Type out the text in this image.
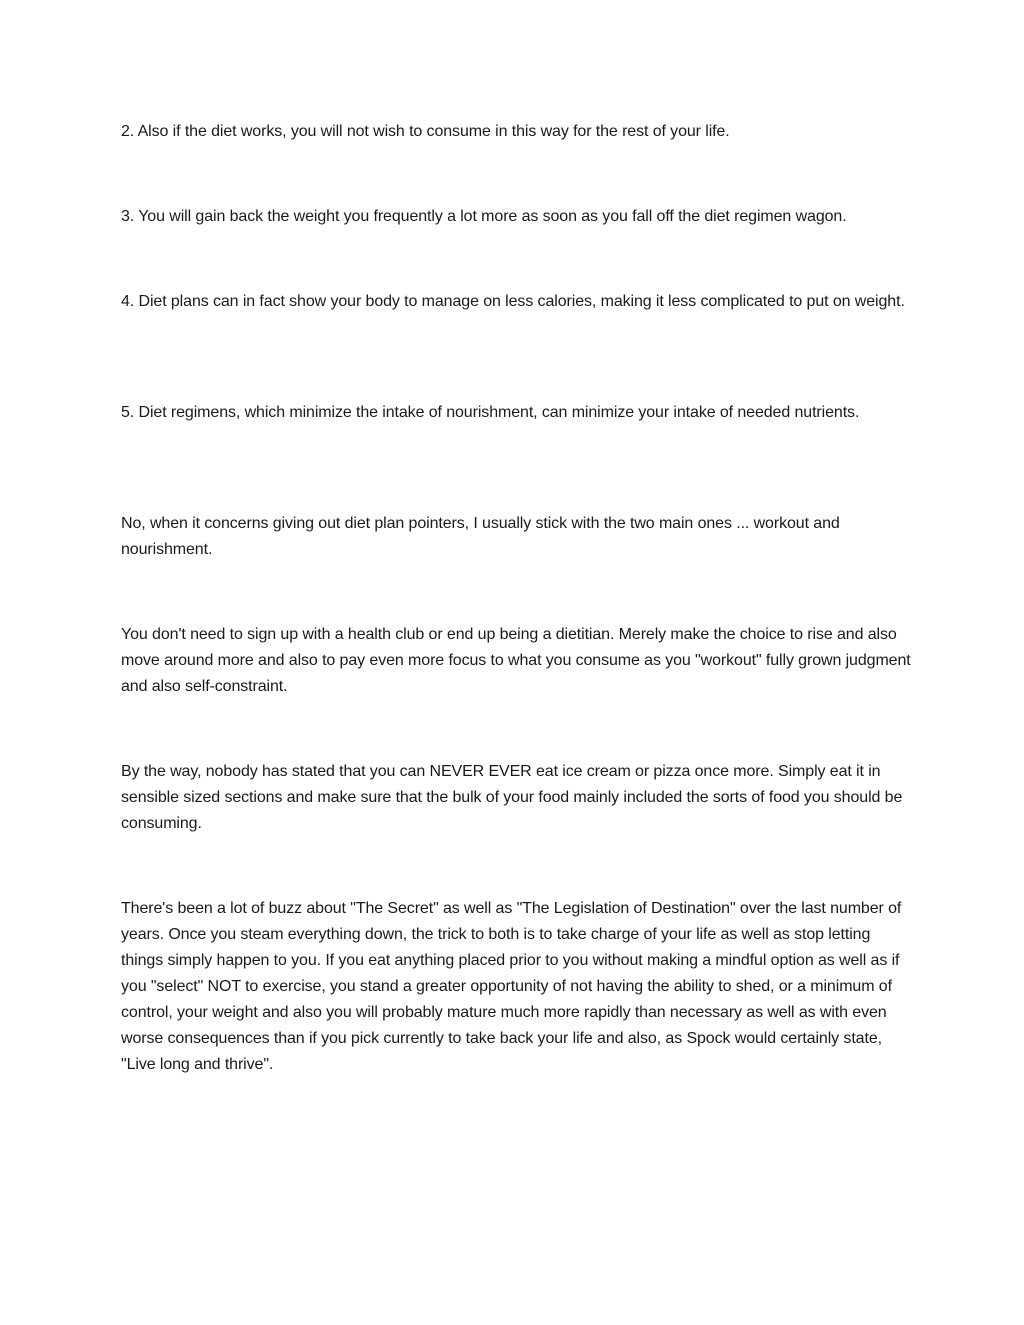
2. Also if the diet works, you will not wish to consume in this way for the rest of your life.

3. You will gain back the weight you frequently a lot more as soon as you fall off the diet regimen wagon.

4. Diet plans can in fact show your body to manage on less calories, making it less complicated to put on weight.

5. Diet regimens, which minimize the intake of nourishment, can minimize your intake of needed nutrients.

No, when it concerns giving out diet plan pointers, I usually stick with the two main ones ... workout and nourishment.

You don't need to sign up with a health club or end up being a dietitian. Merely make the choice to rise and also move around more and also to pay even more focus to what you consume as you "workout" fully grown judgment and also self-constraint.

By the way, nobody has stated that you can NEVER EVER eat ice cream or pizza once more. Simply eat it in sensible sized sections and make sure that the bulk of your food mainly included the sorts of food you should be consuming.

There's been a lot of buzz about "The Secret" as well as "The Legislation of Destination" over the last number of years. Once you steam everything down, the trick to both is to take charge of your life as well as stop letting things simply happen to you. If you eat anything placed prior to you without making a mindful option as well as if you "select" NOT to exercise, you stand a greater opportunity of not having the ability to shed, or a minimum of control, your weight and also you will probably mature much more rapidly than necessary as well as with even worse consequences than if you pick currently to take back your life and also, as Spock would certainly state, "Live long and thrive".
